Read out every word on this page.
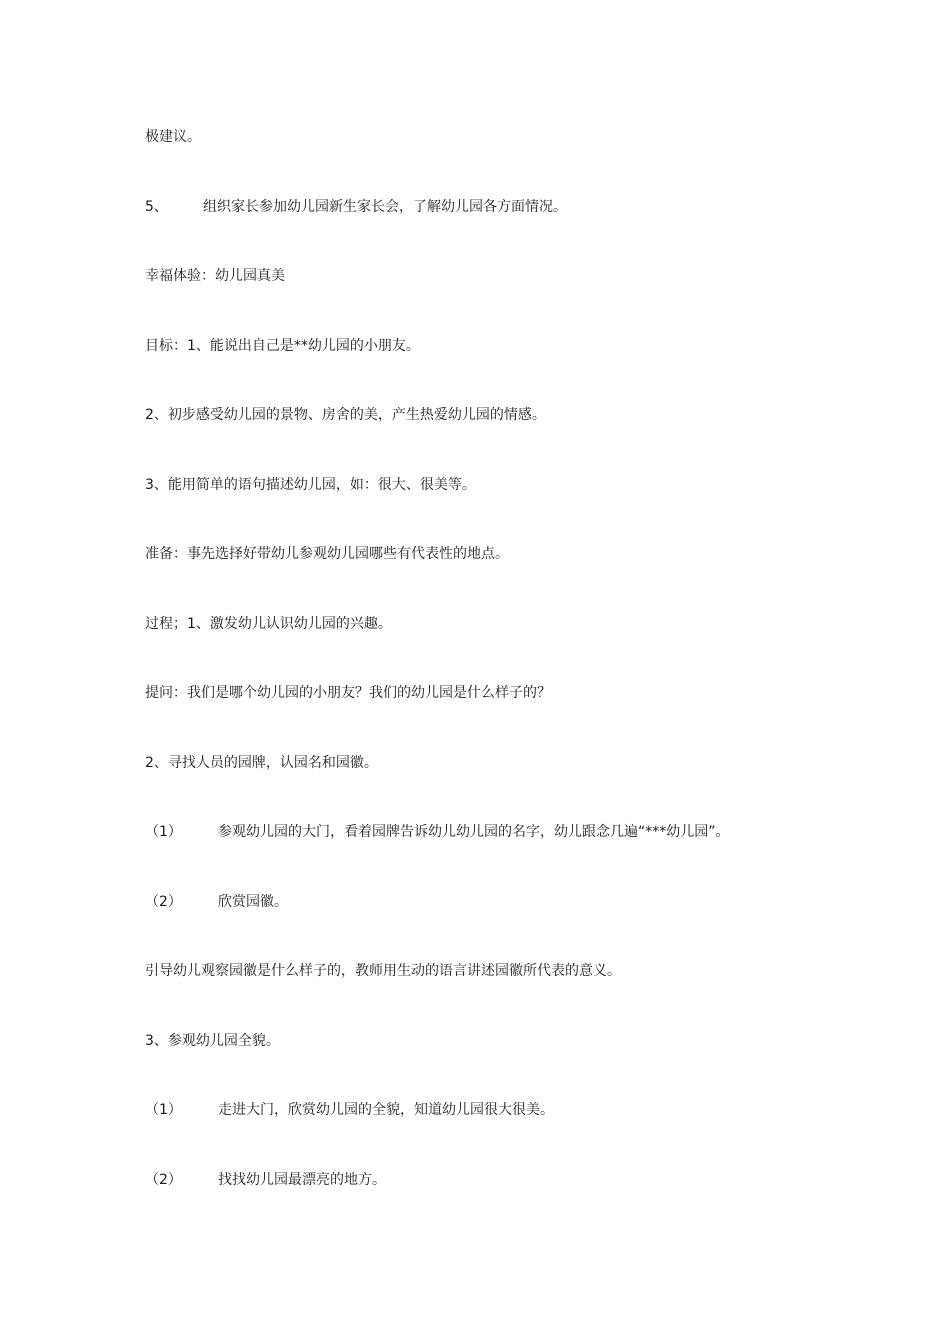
极建议。
5、	组织家长参加幼儿园新生家长会，了解幼儿园各方面情况。
幸福体验：幼儿园真美
目标：1、能说出自己是**幼儿园的小朋友。
2、初步感受幼儿园的景物、房舍的美，产生热爱幼儿园的情感。
3、能用简单的语句描述幼儿园，如：很大、很美等。
准备：事先选择好带幼儿参观幼儿园哪些有代表性的地点。
过程；1、激发幼儿认识幼儿园的兴趣。
提问：我们是哪个幼儿园的小朋友？我们的幼儿园是什么样子的？
2、寻找人员的园牌，认园名和园徽。
（1）	参观幼儿园的大门，看着园牌告诉幼儿幼儿园的名字，幼儿跟念几遍“***幼儿园”。
（2）	欣赏园徽。
引导幼儿观察园徽是什么样子的，教师用生动的语言讲述园徽所代表的意义。
3、参观幼儿园全貌。
（1）	走进大门，欣赏幼儿园的全貌，知道幼儿园很大很美。
（2）	找找幼儿园最漂亮的地方。
